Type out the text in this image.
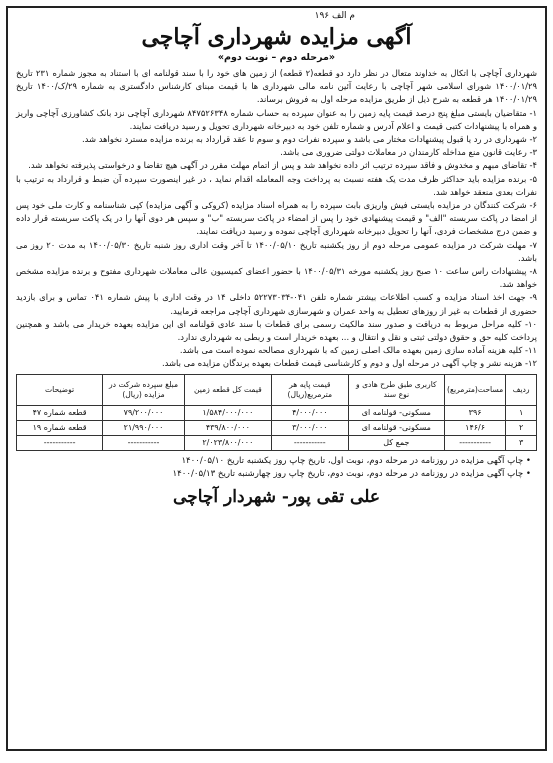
م الف ۱۹۶
آگهی مزایده شهرداری آچاچی
«مرحله دوم – نوبت دوم»

شهرداری آچاچی با اتکال به خداوند متعال در نظر دارد دو قطعه(۲ قطعه) از زمین های خود را با سند قولنامه ای با استناد به مجوز شماره ۲۳۱ تاریخ ۱۴۰۰/۰۱/۲۹ شورای اسلامی شهر آچاچی با رعایت آئین نامه مالی شهرداری ها با قیمت مبنای کارشناس دادگستری به شماره ۲۹/ک/۱۴۰۰ تاریخ ۱۴۰۰/۰۱/۲۹ هر قطعه به شرح ذیل از طریق مزایده مرحله اول به فروش برساند.

۱- متقاضیان بایستی مبلغ پنج درصد قیمت پایه زمین را به عنوان سپرده به حساب شماره ۸۴۷۵۲۶۳۴۸ شهرداری آچاچی نزد بانک کشاورزی آچاچی واریز و همراه با پیشنهادات کتبی قیمت و اعلام آدرس و شماره تلفن خود به دبیرخانه شهرداری تحویل و رسید دریافت نمایند.

۲- شهرداری در رد یا قبول پیشنهادات مختار می باشد و سپرده نفرات دوم و سوم تا عقد قرارداد به برنده مزایده مسترد نخواهد شد.

۳- رعایت قانون منع مداخله کارمندان در معاملات دولتی ضروری می باشد.

۴- تقاضای مبهم و مخدوش و فاقد سپرده ترتیب اثر داده نخواهد شد و پس از اتمام مهلت مقرر در آگهی هیچ تقاضا و درخواستی پذیرفته نخواهد شد.

۵- برنده مزایده باید حداکثر ظرف مدت یک هفته نسبت به پرداخت وجه المعامله اقدام نماید ، در غیر اینصورت سپرده آن ضبط و قرارداد به ترتیب با نفرات بعدی منعقد خواهد شد.

۶- شرکت کنندگان در مزایده بایستی فیش واریزی بابت سپرده را به همراه اسناد مزایده (کروکی و آگهی مزایده) کپی شناسنامه و کارت ملی خود پس از امضا در پاکت سربسته "الف" و قیمت پیشنهادی خود را پس از امضاء در پاکت سربسته "ب" و سپس هر دوی آنها را در یک پاکت سربسته قرار داده و ضمن درج مشخصات فردی، آنها را تحویل دبیرخانه شهرداری آچاچی نموده و رسید دریافت نمایند.

۷- مهلت شرکت در مزایده عمومی مرحله دوم از روز یکشنبه تاریخ ۱۴۰۰/۰۵/۱۰ تا آخر وقت اداری روز شنبه تاریخ ۱۴۰۰/۰۵/۳۰ به مدت ۲۰ روز می باشد.

۸- پیشنهادات راس ساعت ۱۰ صبح روز یکشنبه مورخه ۱۴۰۰/۰۵/۳۱ با حضور اعضای کمیسیون عالی معاملات شهرداری مفتوح و برنده مزایده مشخص خواهد شد.

۹- جهت اخذ اسناد مزایده و کسب اطلاعات بیشتر شماره تلفن ۰۴۱-۵۲۲۷۳۰۳۴ داخلی ۱۴ در وقت اداری با پیش شماره ۰۴۱ تماس و برای بازدید حضوری از قطعات به غیر از روزهای تعطیل به واحد عمران و شهرسازی شهرداری آچاچی مراجعه فرمایید.

۱۰- کلیه مراحل مربوط به دریافت و صدور سند مالکیت رسمی برای قطعات با سند عادی قولنامه ای این مزایده بعهده خریدار می باشد و همچنین پرداخت کلیه حق و حقوق دولتی ثبتی و نقل و انتقال و ... بعهده خریدار است و ربطی به شهرداری ندارد.

۱۱- کلیه هزینه آماده سازی زمین بعهده مالک اصلی زمین که با شهرداری مصالحه نموده است می باشد.

۱۲- هزینه نشر و چاپ آگهی در مرحله اول و دوم و کارشناسی قیمت قطعات بعهده برندگان مزایده می باشد.

ردیف	مساحت(مترمربع)	کاربری طبق طرح هادی و نوع سند	قیمت پایه هر مترمربع(ریال)	قیمت کل قطعه زمین	مبلغ سپرده شرکت در مزایده (ریال)	توضیحات
۱	۳۹۶	مسکونی- قولنامه ای	۴/۰۰۰/۰۰۰	۱/۵۸۴/۰۰۰/۰۰۰	۷۹/۲۰۰/۰۰۰	قطعه شماره ۴۷
۲	۱۴۶/۶	مسکونی- قولنامه ای	۳/۰۰۰/۰۰۰	۴۳۹/۸۰۰/۰۰۰	۲۱/۹۹۰/۰۰۰	قطعه شماره ۱۹
۳	-----------	جمع کل	-----------	۲/۰۲۳/۸۰۰/۰۰۰	-----------	-----------
• چاپ آگهی مزایده در روزنامه در مرحله دوم، نوبت اول، تاریخ چاپ روز یکشنبه تاریخ ۱۴۰۰/۰۵/۱۰
• چاپ آگهی مزایده در روزنامه در مرحله دوم، نوبت دوم، تاریخ چاپ روز چهارشنبه تاریخ ۱۴۰۰/۰۵/۱۳
علی تقی پور- شهردار آچاچی
